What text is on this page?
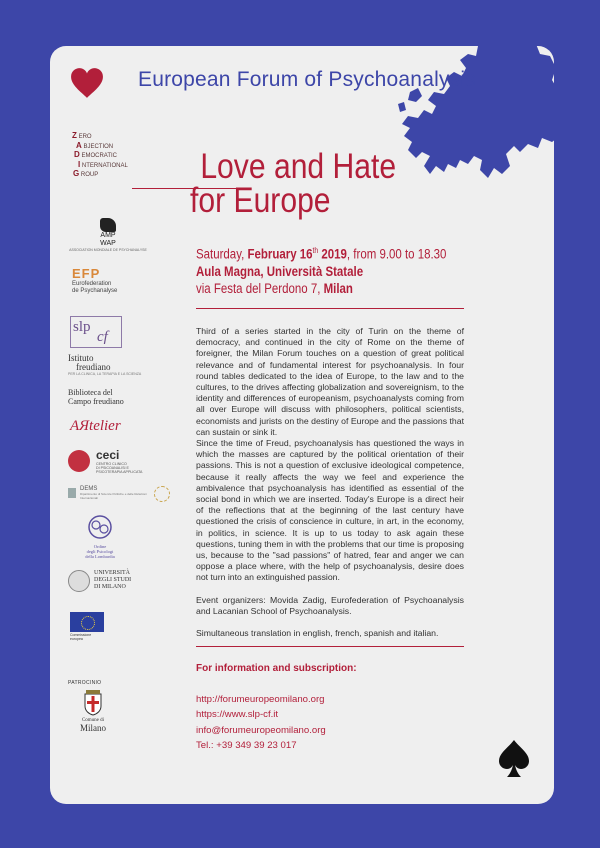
European Forum of Psychoanalysis
Z ERO
A BJECTION
D EMOCRATIC
I NTERNATIONAL
G ROUP	Love and Hate
for Europe
Saturday, February 16th 2019, from 9.00 to 18.30
Aula Magna, Università Statale
via Festa del Perdono 7, Milan

Third of a series started in the city of Turin on the theme of democracy, and continued in the city of Rome on the theme of foreigner, the Milan Forum touches on a question of great political relevance and of fundamental interest for psychoanalysis. In four round tables dedicated to the idea of Europe, to the law and to the cultures, to the drives affecting globalization and sovereignism, to the identity and differences of europeanism, psychoanalysts coming from all over Europe will discuss with philosophers, political scientists, economists and jurists on the destiny of Europe and the passions that can sustain or sink it.

Since the time of Freud, psychoanalysis has questioned the ways in which the masses are captured by the political orientation of their passions. This is not a question of exclusive ideological competence, because it really affects the way we feel and experience the ambivalence that psychoanalysis has identified as essential of the social bond in which we are inserted. Today's Europe is a direct heir of the reflections that at the beginning of the last century have questioned the crisis of conscience in culture, in art, in the economy, in politics, in science. It is up to us today to ask again these questions, tuning them in with the problems that our time is proposing us, because to the "sad passions" of hatred, fear and anger we can oppose a place where, with the help of psychoanalysis, desire does not turn into an extinguished passion.

Event organizers: Movida Zadig, Eurofederation of Psychoanalysis and Lacanian School of Psychoanalysis.

Simultaneous translation in english, french, spanish and italian.

For information and subscription:
http://forumeuropeomilano.org
https://www.slp-cf.it
info@forumeuropeomilano.org
Tel.: +39 349 39 23 017
AMP
WAP
ASSOCIATION MONDIALE DE PSYCHANALYSE
EFP
Eurofederation
de Psychanalyse
slp
cf
Istituto
freudiano
PER LA CLINICA, LA TERAPIA E LA SCIENZA
Biblioteca del
Campo freudiano
AЯtelier
ceci
CENTRO CLINICO
DI PSICOANALISI E
PSICOTERAPIA APPLICATA
DEMS
Dipartimento di Scienze Politiche e delle Relazioni Internazionali
Ordine
degli Psicologi
della Lombardia
UNIVERSITÀ
DEGLI STUDI
DI MILANO
Commissione
europea
PATROCINIO
Comune di
Milano
